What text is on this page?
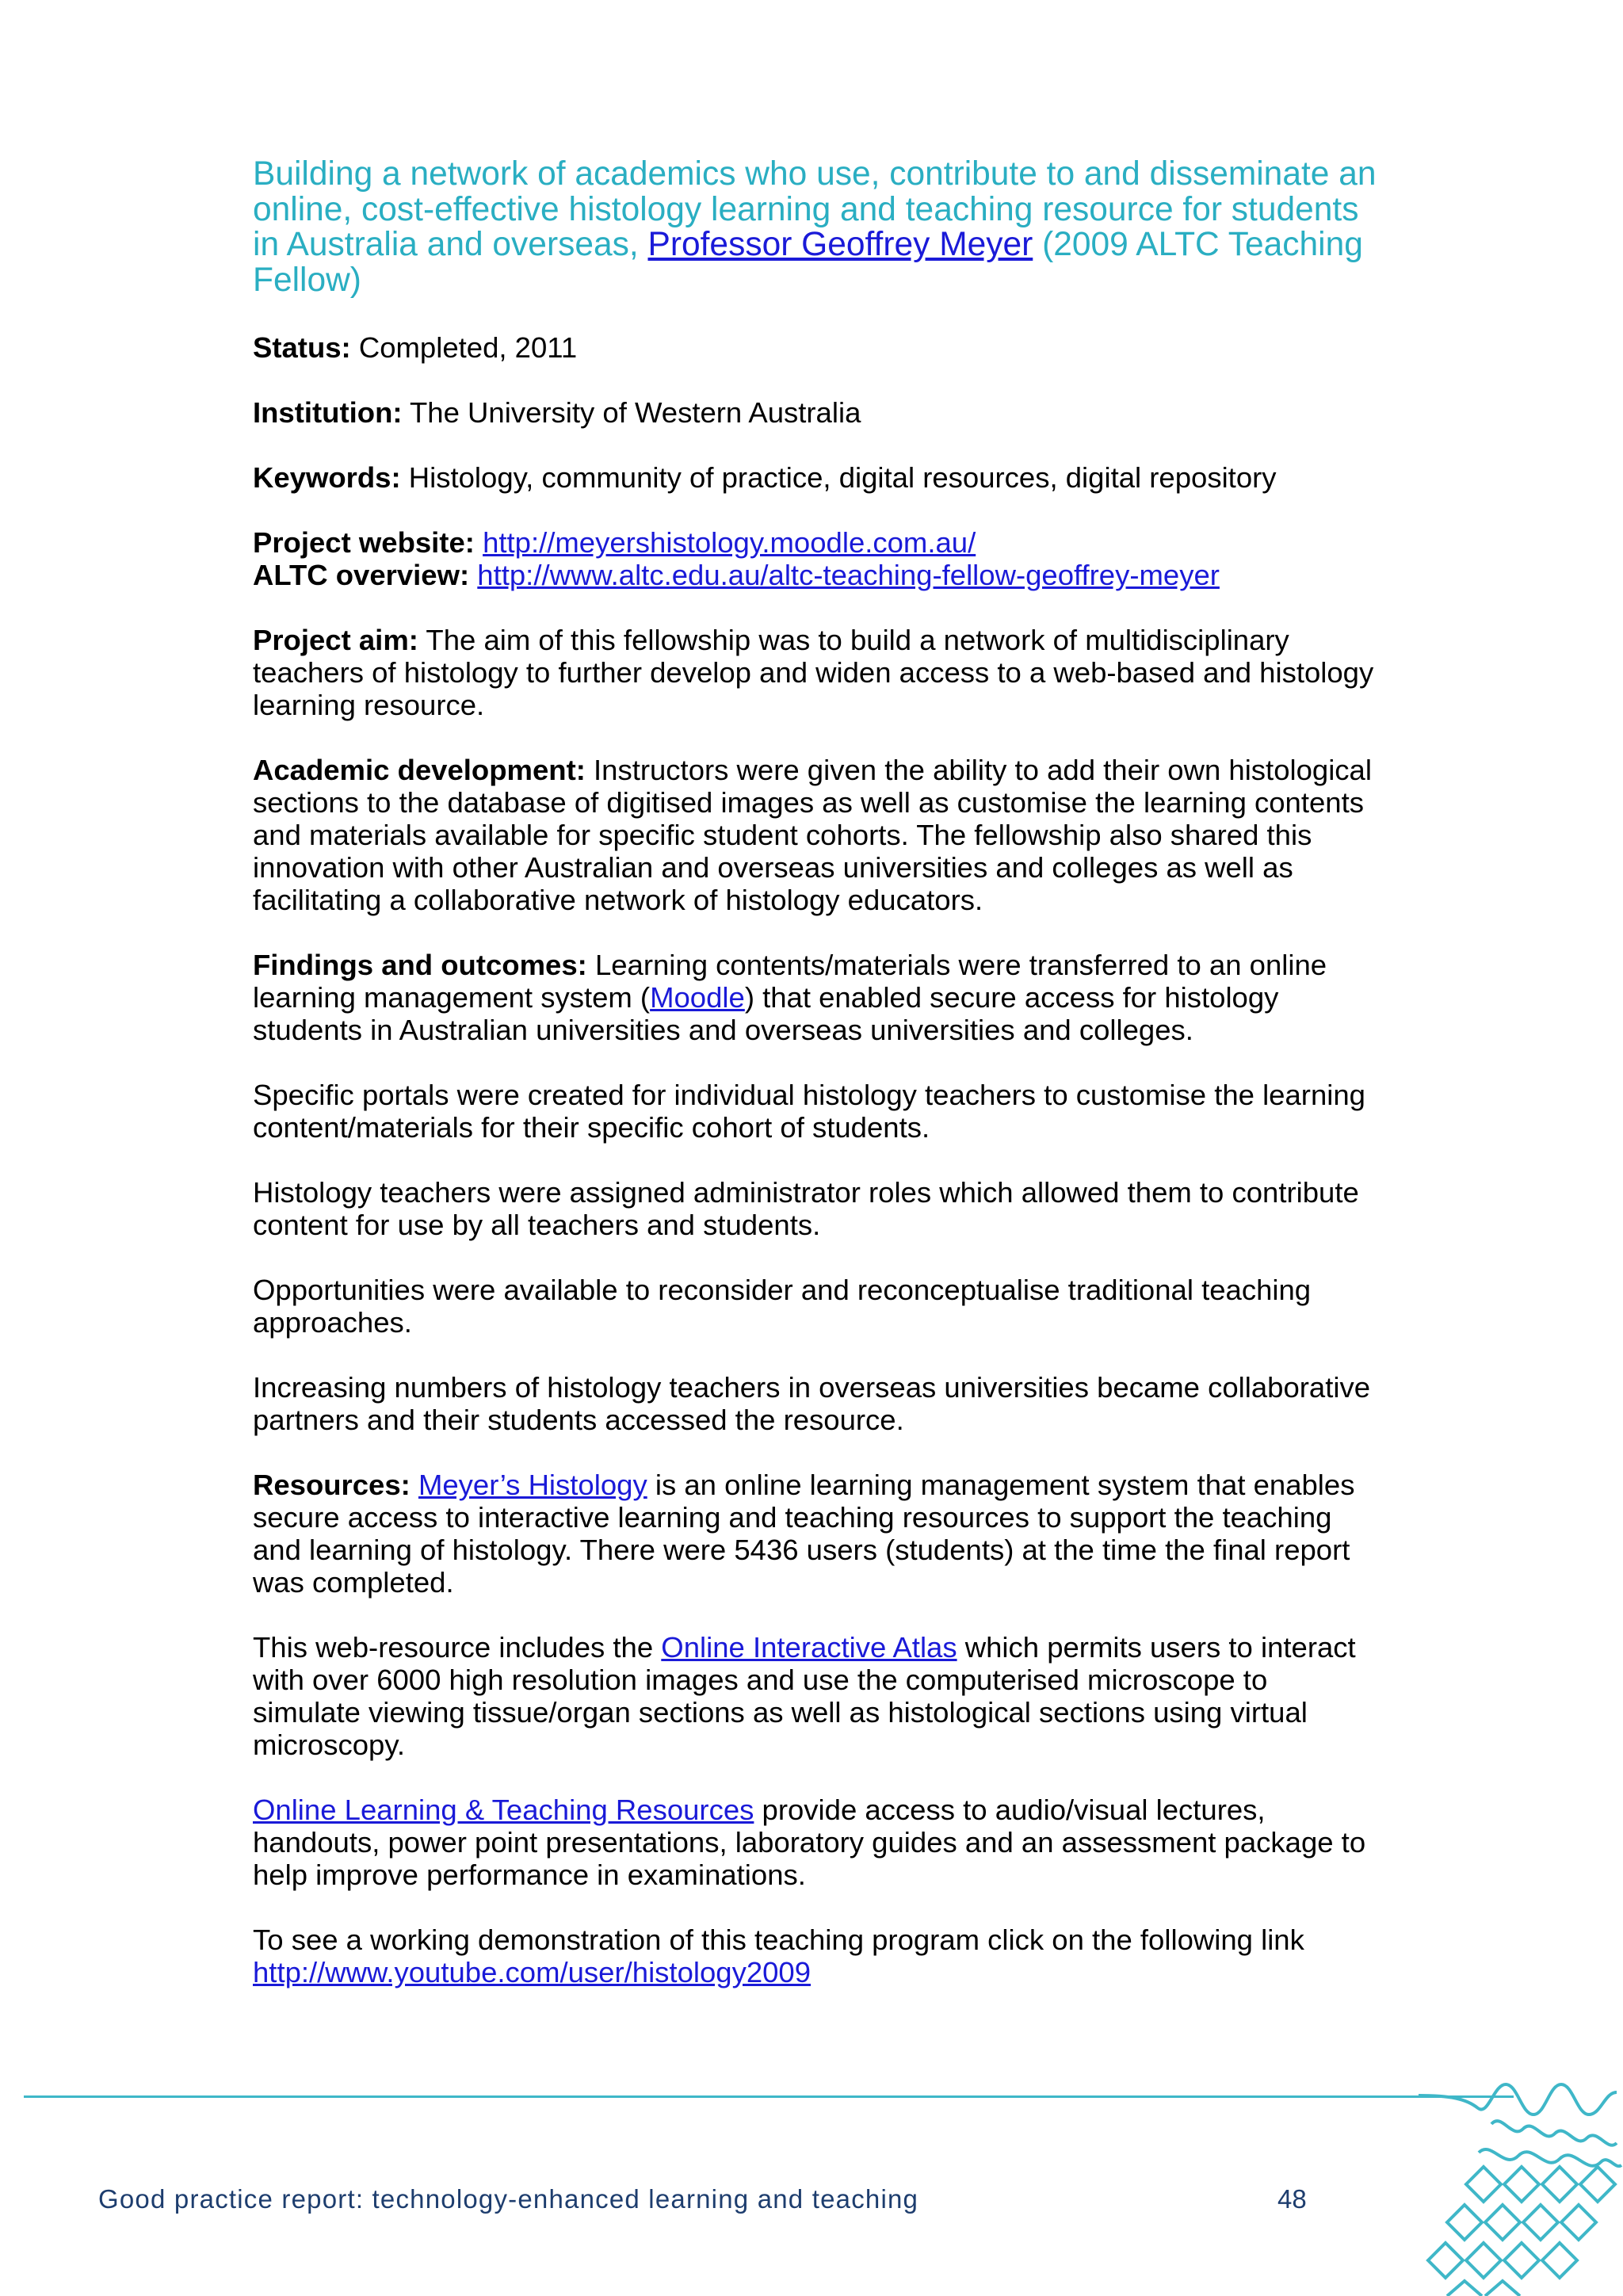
Building a network of academics who use, contribute to and disseminate an online, cost-effective histology learning and teaching resource for students in Australia and overseas, Professor Geoffrey Meyer (2009 ALTC Teaching Fellow)

Status: Completed, 2011

Institution: The University of Western Australia

Keywords: Histology, community of practice, digital resources, digital repository

Project website: http://meyershistology.moodle.com.au/

ALTC overview: http://www.altc.edu.au/altc-teaching-fellow-geoffrey-meyer

Project aim: The aim of this fellowship was to build a network of multidisciplinary teachers of histology to further develop and widen access to a web-based and histology learning resource.

Academic development: Instructors were given the ability to add their own histological sections to the database of digitised images as well as customise the learning contents and materials available for specific student cohorts. The fellowship also shared this innovation with other Australian and overseas universities and colleges as well as facilitating a collaborative network of histology educators.

Findings and outcomes: Learning contents/materials were transferred to an online learning management system (Moodle) that enabled secure access for histology students in Australian universities and overseas universities and colleges.

Specific portals were created for individual histology teachers to customise the learning content/materials for their specific cohort of students.

Histology teachers were assigned administrator roles which allowed them to contribute content for use by all teachers and students.

Opportunities were available to reconsider and reconceptualise traditional teaching approaches.

Increasing numbers of histology teachers in overseas universities became collaborative partners and their students accessed the resource.

Resources: Meyer’s Histology is an online learning management system that enables secure access to interactive learning and teaching resources to support the teaching and learning of histology. There were 5436 users (students) at the time the final report was completed.

This web-resource includes the Online Interactive Atlas which permits users to interact with over 6000 high resolution images and use the computerised microscope to simulate viewing tissue/organ sections as well as histological sections using virtual microscopy.

Online Learning & Teaching Resources provide access to audio/visual lectures, handouts, power point presentations, laboratory guides and an assessment package to help improve performance in examinations.

To see a working demonstration of this teaching program click on the following link
http://www.youtube.com/user/histology2009

Good practice report: technology-enhanced learning and teaching	48
